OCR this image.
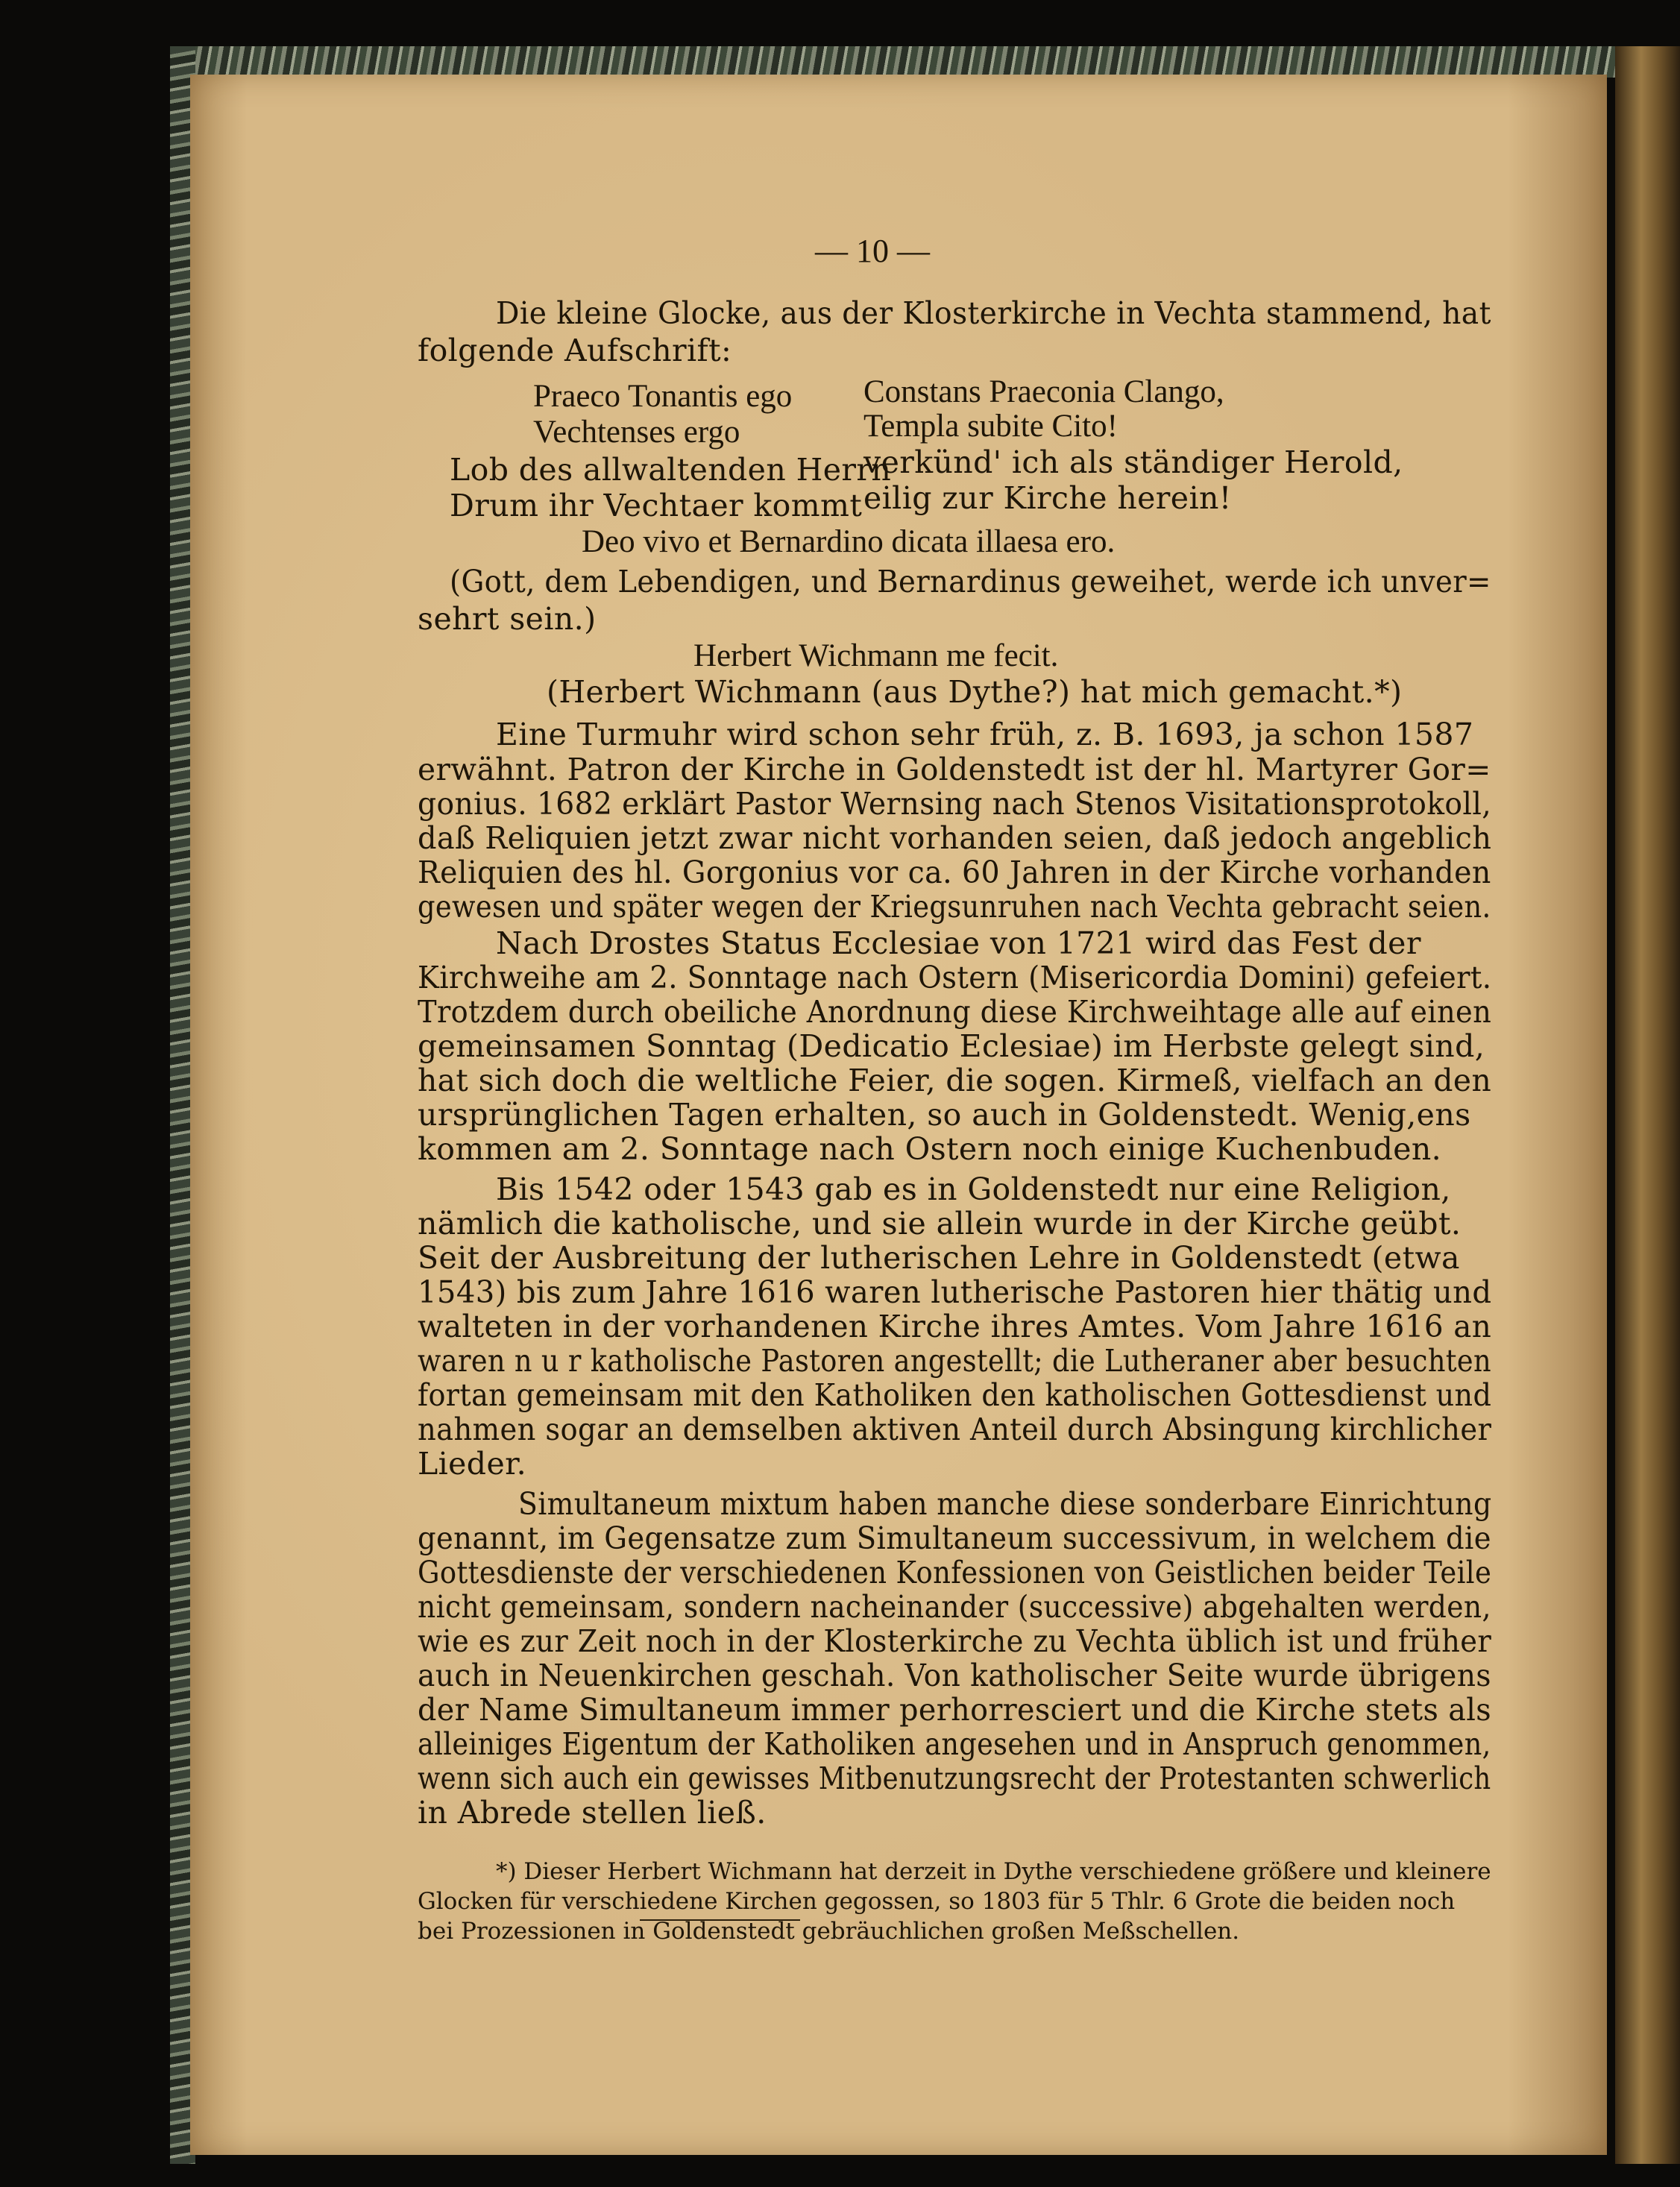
— 10 —
Die kleine Glocke, aus der Klosterkirche in Vechta stammend, hat
folgende Aufschrift:
Praeco Tonantis ego Constans Praeconia Clango,
Vechtenses ergo	Templa subite Cito!
Lob des allwaltenden Herrn
verkünd' ich als ständiger Herold,
Drum ihr Vechtaer kommt eilig zur Kirche herein!
Deo vivo et Bernardino dicata illaesa ero.
(Gott, dem Lebendigen, und Bernardinus geweihet, werde ich unver=
sehrt sein.)
Herbert Wichmann me fecit.
(Herbert Wichmann (aus Dythe?) hat mich gemacht.*)
Eine Turmuhr wird schon sehr früh, z. B. 1693, ja schon 1587
erwähnt. Patron der Kirche in Goldenstedt ist der hl. Martyrer Gor=
gonius. 1682 erklärt Pastor Wernsing nach Stenos Visitationsprotokoll,
daß Reliquien jetzt zwar nicht vorhanden seien, daß jedoch angeblich
Reliquien des hl. Gorgonius vor ca. 60 Jahren in der Kirche vorhanden
gewesen und später wegen der Kriegsunruhen nach Vechta gebracht seien.
Nach Drostes Status Ecclesiae von 1721 wird das Fest der
Kirchweihe am 2. Sonntage nach Ostern (Misericordia Domini) gefeiert.
Trotzdem durch obeiliche Anordnung diese Kirchweihtage alle auf einen
gemeinsamen Sonntag (Dedicatio Eclesiae) im Herbste gelegt sind,
hat sich doch die weltliche Feier, die sogen. Kirmeß, vielfach an den
ursprünglichen Tagen erhalten, so auch in Goldenstedt. Wenig,ens
kommen am 2. Sonntage nach Ostern noch einige Kuchenbuden.
Bis 1542 oder 1543 gab es in Goldenstedt nur eine Religion,
nämlich die katholische, und sie allein wurde in der Kirche geübt.
Seit der Ausbreitung der lutherischen Lehre in Goldenstedt (etwa
1543) bis zum Jahre 1616 waren lutherische Pastoren hier thätig und
walteten in der vorhandenen Kirche ihres Amtes. Vom Jahre 1616 an
waren n u r katholische Pastoren angestellt; die Lutheraner aber besuchten
fortan gemeinsam mit den Katholiken den katholischen Gottesdienst und
nahmen sogar an demselben aktiven Anteil durch Absingung kirchlicher
Lieder.
Simultaneum mixtum haben manche diese sonderbare Einrichtung
genannt, im Gegensatze zum Simultaneum successivum, in welchem die
Gottesdienste der verschiedenen Konfessionen von Geistlichen beider Teile
nicht gemeinsam, sondern nacheinander (successive) abgehalten werden,
wie es zur Zeit noch in der Klosterkirche zu Vechta üblich ist und früher
auch in Neuenkirchen geschah. Von katholischer Seite wurde übrigens
der Name Simultaneum immer perhorresciert und die Kirche stets als
alleiniges Eigentum der Katholiken angesehen und in Anspruch genommen,
wenn sich auch ein gewisses Mitbenutzungsrecht der Protestanten schwerlich
in Abrede stellen ließ.
*) Dieser Herbert Wichmann hat derzeit in Dythe verschiedene größere und kleinere
Glocken für verschiedene Kirchen gegossen, so 1803 für 5 Thlr. 6 Grote die beiden noch
bei Prozessionen in Goldenstedt gebräuchlichen großen Meßschellen.
